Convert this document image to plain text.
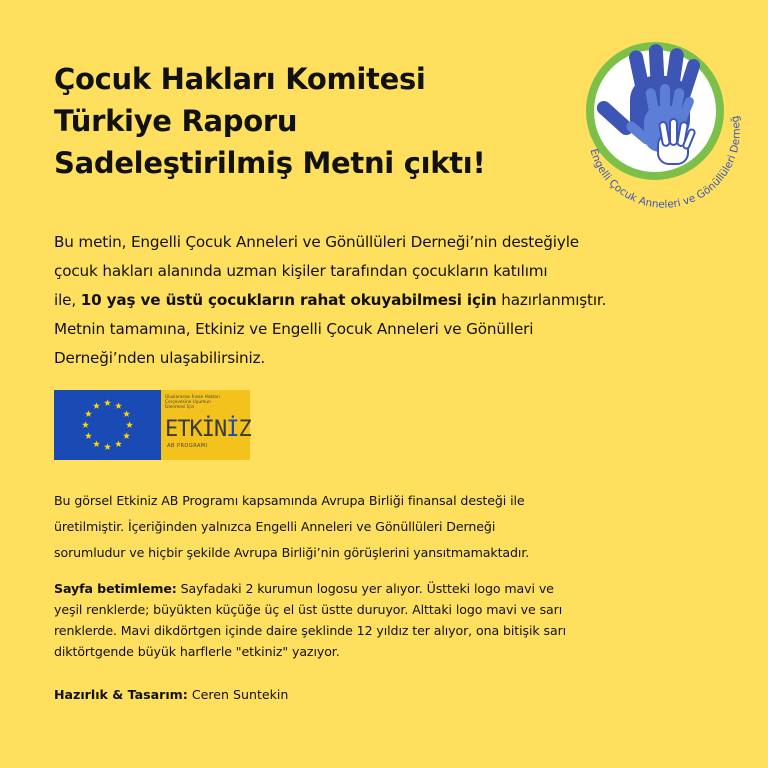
Çocuk Hakları Komitesi
Türkiye Raporu
Sadeleştirilmiş Metni çıktı!	Engelli Çocuk Anneleri ve Gönüllüleri Derneğ
Bu metin, Engelli Çocuk Anneleri ve Gönüllüleri Derneği’nin desteğiyle
çocuk hakları alanında uzman kişiler tarafından çocukların katılımı
ile, 10 yaş ve üstü çocukların rahat okuyabilmesi için hazırlanmıştır.
Metnin tamamına, Etkiniz ve Engelli Çocuk Anneleri ve Gönülleri
Derneği’nden ulaşabilirsiniz.
Uluslararası İnsan Hakları
Çerçevesine Uyumun
İzlenmesi İçin
ETKİNİZ
AB PROGRAMI
Bu görsel Etkiniz AB Programı kapsamında Avrupa Birliği finansal desteği ile
üretilmiştir. İçeriğinden yalnızca Engelli Anneleri ve Gönüllüleri Derneği
sorumludur ve hiçbir şekilde Avrupa Birliği’nin görüşlerini yansıtmamaktadır.
Sayfa betimleme: Sayfadaki 2 kurumun logosu yer alıyor. Üstteki logo mavi ve
yeşil renklerde; büyükten küçüğe üç el üst üstte duruyor. Alttaki logo mavi ve sarı
renklerde. Mavi dikdörtgen içinde daire şeklinde 12 yıldız ter alıyor, ona bitişik sarı
diktörtgende büyük harflerle "etkiniz" yazıyor.
Hazırlık & Tasarım: Ceren Suntekin
